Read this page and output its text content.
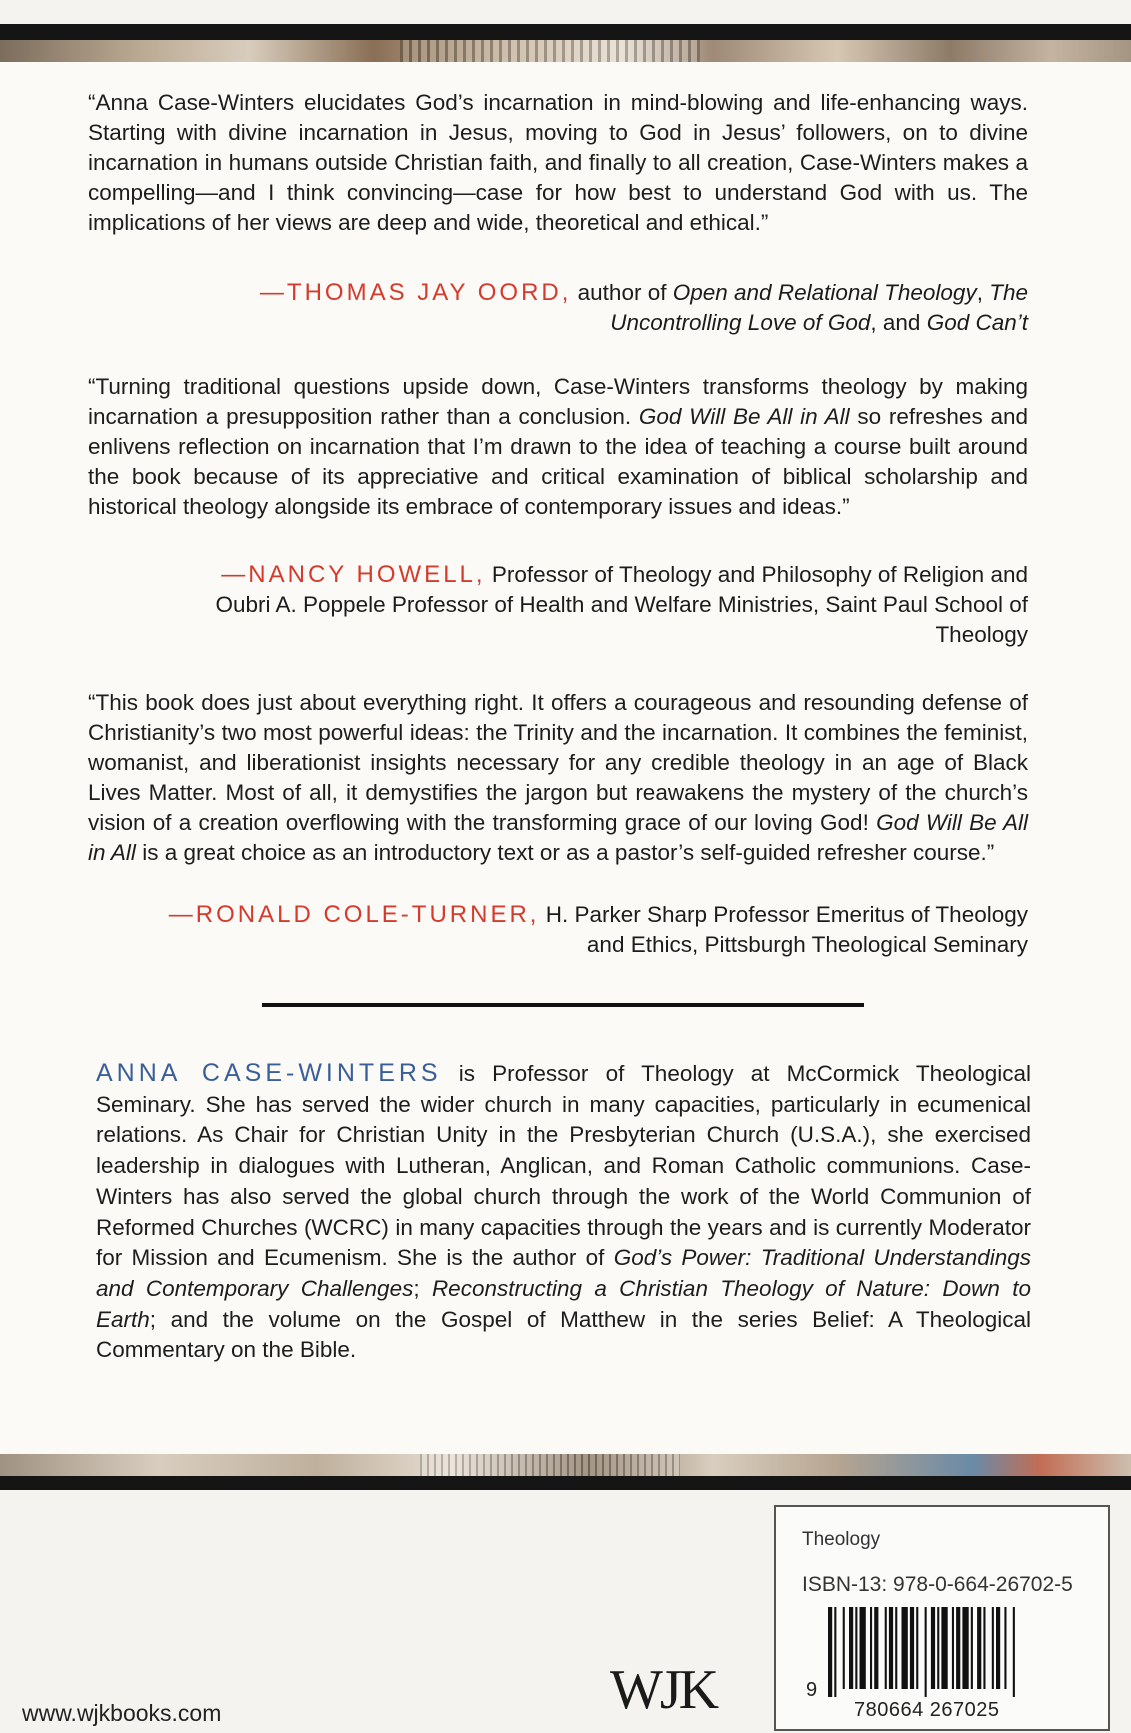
“Anna Case-Winters elucidates God’s incarnation in mind-blowing and life-enhancing ways. Starting with divine incarnation in Jesus, moving to God in Jesus’ followers, on to divine incarnation in humans outside Christian faith, and finally to all creation, Case-Winters makes a compelling—and I think convincing—case for how best to understand God with us. The implications of her views are deep and wide, theoretical and ethical.”
—THOMAS JAY OORD, author of Open and Relational Theology, The Uncontrolling Love of God, and God Can’t
“Turning traditional questions upside down, Case-Winters transforms theology by making incarnation a presupposition rather than a conclusion. God Will Be All in All so refreshes and enlivens reflection on incarnation that I’m drawn to the idea of teaching a course built around the book because of its appreciative and critical examination of biblical scholarship and historical theology alongside its embrace of contemporary issues and ideas.”
—NANCY HOWELL, Professor of Theology and Philosophy of Religion and Oubri A. Poppele Professor of Health and Welfare Ministries, Saint Paul School of Theology
“This book does just about everything right. It offers a courageous and resounding defense of Christianity’s two most powerful ideas: the Trinity and the incarnation. It combines the feminist, womanist, and liberationist insights necessary for any credible theology in an age of Black Lives Matter. Most of all, it demystifies the jargon but reawakens the mystery of the church’s vision of a creation overflowing with the transforming grace of our loving God! God Will Be All in All is a great choice as an introductory text or as a pastor’s self-guided refresher course.”
—RONALD COLE-TURNER, H. Parker Sharp Professor Emeritus of Theology and Ethics, Pittsburgh Theological Seminary
ANNA CASE-WINTERS is Professor of Theology at McCormick Theological Seminary. She has served the wider church in many capacities, particularly in ecumenical relations. As Chair for Christian Unity in the Presbyterian Church (U.S.A.), she exercised leadership in dialogues with Lutheran, Anglican, and Roman Catholic communions. Case-Winters has also served the global church through the work of the World Communion of Reformed Churches (WCRC) in many capacities through the years and is currently Moderator for Mission and Ecumenism. She is the author of God’s Power: Traditional Understandings and Contemporary Challenges; Reconstructing a Christian Theology of Nature: Down to Earth; and the volume on the Gospel of Matthew in the series Belief: A Theological Commentary on the Bible.
www.wjkbooks.com	WJK
Theology
ISBN-13: 978-0-664-26702-5
9
780664 267025
